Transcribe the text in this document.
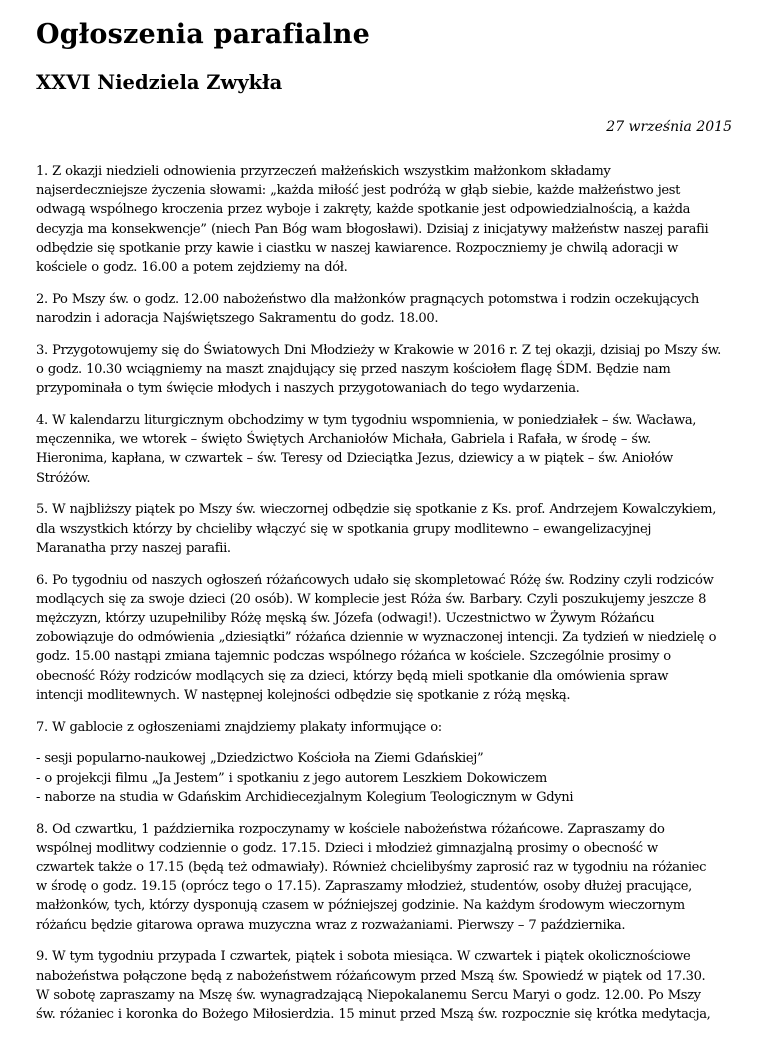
Ogłoszenia parafialne
XXVI Niedziela Zwykła
27 września 2015

1. Z okazji niedzieli odnowienia przyrzeczeń małżeńskich wszystkim małżonkom składamy
najserdeczniejsze życzenia słowami: „każda miłość jest podróżą w głąb siebie, każde małżeństwo jest
odwagą wspólnego kroczenia przez wyboje i zakręty, każde spotkanie jest odpowiedzialnością, a każda
decyzja ma konsekwencje” (niech Pan Bóg wam błogosławi). Dzisiaj z inicjatywy małżeństw naszej parafii
odbędzie się spotkanie przy kawie i ciastku w naszej kawiarence. Rozpoczniemy je chwilą adoracji w
kościele o godz. 16.00 a potem zejdziemy na dół.

2. Po Mszy św. o godz. 12.00 nabożeństwo dla małżonków pragnących potomstwa i rodzin oczekujących
narodzin i adoracja Najświętszego Sakramentu do godz. 18.00.

3. Przygotowujemy się do Światowych Dni Młodzieży w Krakowie w 2016 r. Z tej okazji, dzisiaj po Mszy św.
o godz. 10.30 wciągniemy na maszt znajdujący się przed naszym kościołem flagę ŚDM. Będzie nam
przypominała o tym święcie młodych i naszych przygotowaniach do tego wydarzenia.

4. W kalendarzu liturgicznym obchodzimy w tym tygodniu wspomnienia, w poniedziałek – św. Wacława,
męczennika, we wtorek – święto Świętych Archaniołów Michała, Gabriela i Rafała, w środę – św.
Hieronima, kapłana, w czwartek – św. Teresy od Dzieciątka Jezus, dziewicy a w piątek – św. Aniołów
Stróżów.

5. W najbliższy piątek po Mszy św. wieczornej odbędzie się spotkanie z Ks. prof. Andrzejem Kowalczykiem,
dla wszystkich którzy by chcieliby włączyć się w spotkania grupy modlitewno – ewangelizacyjnej
Maranatha przy naszej parafii.

6. Po tygodniu od naszych ogłoszeń różańcowych udało się skompletować Różę św. Rodziny czyli rodziców
modlących się za swoje dzieci (20 osób). W komplecie jest Róża św. Barbary. Czyli poszukujemy jeszcze 8
mężczyzn, którzy uzupełniliby Różę męską św. Józefa (odwagi!). Uczestnictwo w Żywym Różańcu
zobowiązuje do odmówienia „dziesiątki” różańca dziennie w wyznaczonej intencji. Za tydzień w niedzielę o
godz. 15.00 nastąpi zmiana tajemnic podczas wspólnego różańca w kościele. Szczególnie prosimy o
obecność Róży rodziców modlących się za dzieci, którzy będą mieli spotkanie dla omówienia spraw
intencji modlitewnych. W następnej kolejności odbędzie się spotkanie z różą męską.

7. W gablocie z ogłoszeniami znajdziemy plakaty informujące o:

- sesji popularno-naukowej „Dziedzictwo Kościoła na Ziemi Gdańskiej”

- o projekcji filmu „Ja Jestem” i spotkaniu z jego autorem Leszkiem Dokowiczem

- naborze na studia w Gdańskim Archidiecezjalnym Kolegium Teologicznym w Gdyni

8. Od czwartku, 1 października rozpoczynamy w kościele nabożeństwa różańcowe. Zapraszamy do
wspólnej modlitwy codziennie o godz. 17.15. Dzieci i młodzież gimnazjalną prosimy o obecność w
czwartek także o 17.15 (będą też odmawiały). Również chcielibyśmy zaprosić raz w tygodniu na różaniec
w środę o godz. 19.15 (oprócz tego o 17.15). Zapraszamy młodzież, studentów, osoby dłużej pracujące,
małżonków, tych, którzy dysponują czasem w późniejszej godzinie. Na każdym środowym wieczornym
różańcu będzie gitarowa oprawa muzyczna wraz z rozważaniami. Pierwszy – 7 października.

9. W tym tygodniu przypada I czwartek, piątek i sobota miesiąca. W czwartek i piątek okolicznościowe
nabożeństwa połączone będą z nabożeństwem różańcowym przed Mszą św. Spowiedź w piątek od 17.30.
W sobotę zapraszamy na Mszę św. wynagradzającą Niepokalanemu Sercu Maryi o godz. 12.00. Po Mszy
św. różaniec i koronka do Bożego Miłosierdzia. 15 minut przed Mszą św. rozpocznie się krótka medytacja,
